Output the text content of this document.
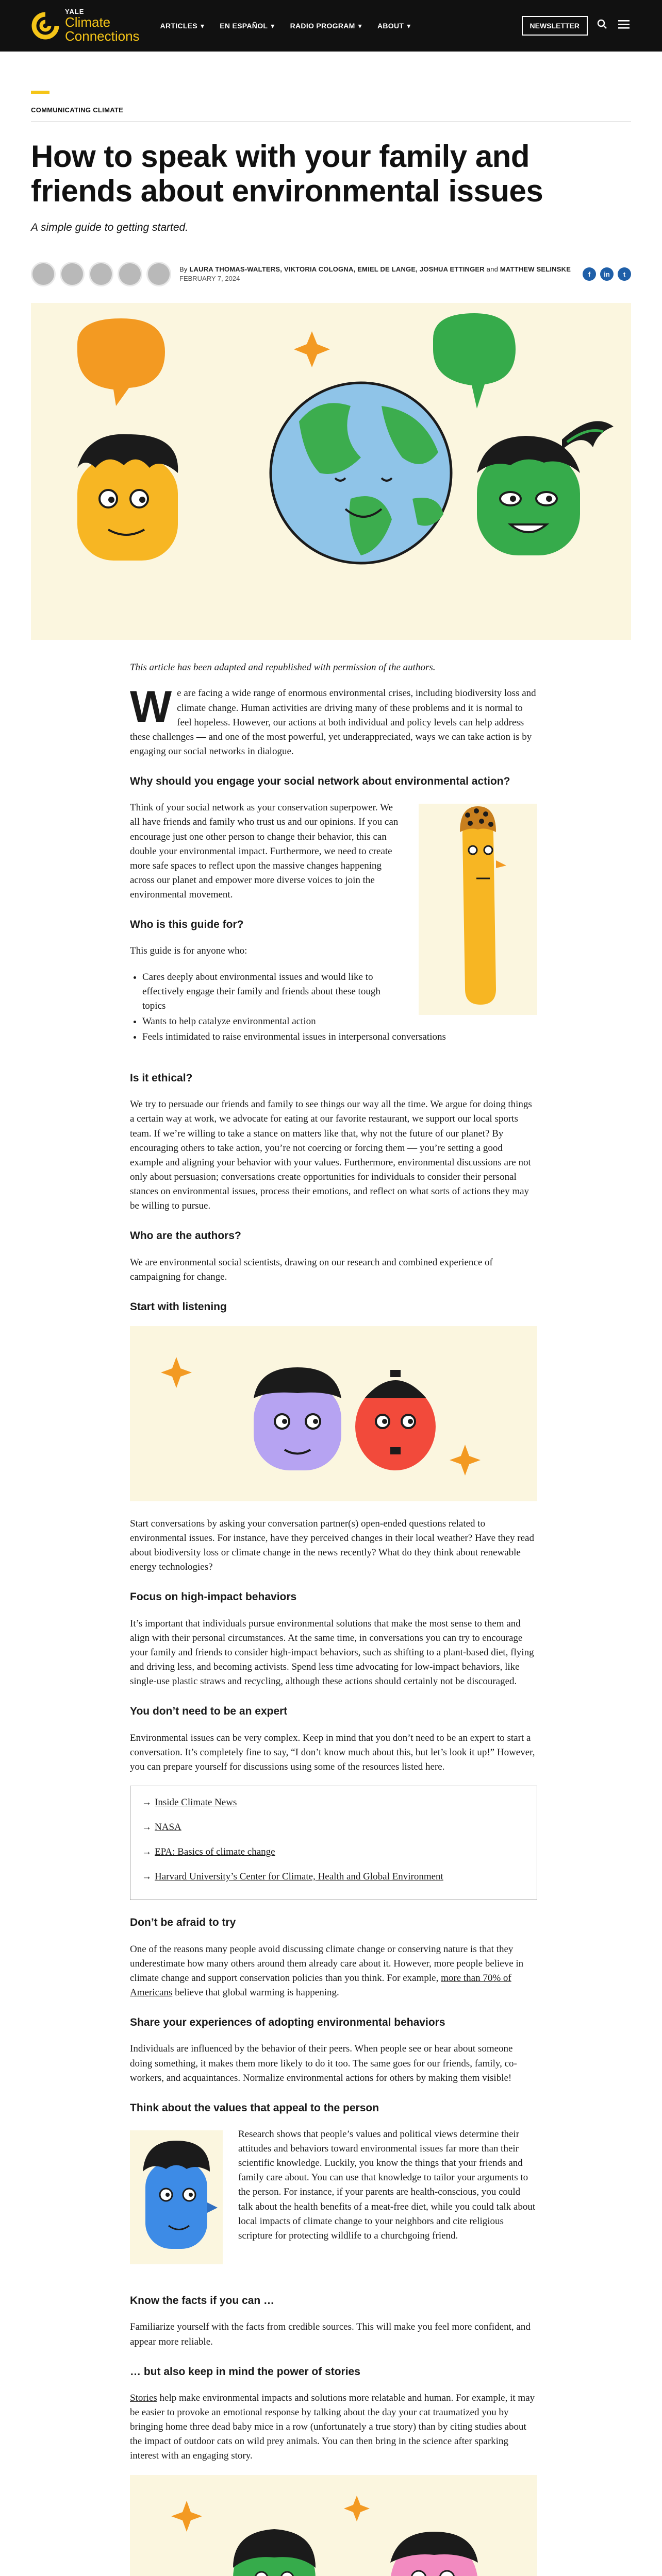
YALE
Climate
Connections
ARTICLES ▾ EN ESPAÑOL ▾ RADIO PROGRAM ▾ ABOUT ▾	NEWSLETTER
COMMUNICATING CLIMATE
How to speak with your family and friends about environmental issues
A simple guide to getting started.
By LAURA THOMAS-WALTERS, VIKTORIA COLOGNA, EMIEL DE LANGE, JOSHUA ETTINGER and MATTHEW SELINSKE
FEBRUARY 7, 2024
f	in	t

This article has been adapted and republished with permission of the authors.

We are facing a wide range of enormous environmental crises, including biodiversity loss and climate change. Human activities are driving many of these problems and it is normal to feel hopeless. However, our actions at both individual and policy levels can help address these challenges — and one of the most powerful, yet underappreciated, ways we can take action is by engaging our social networks in dialogue.

Why should you engage your social network about environmental action?

Think of your social network as your conservation superpower. We all have friends and family who trust us and our opinions. If you can encourage just one other person to change their behavior, this can double your environmental impact. Furthermore, we need to create more safe spaces to reflect upon the massive changes happening across our planet and empower more diverse voices to join the environmental movement.

Who is this guide for?

This guide is for anyone who:

• Cares deeply about environmental issues and would like to effectively engage their family and friends about these tough topics
• Wants to help catalyze environmental action
• Feels intimidated to raise environmental issues in interpersonal conversations
Is it ethical?

We try to persuade our friends and family to see things our way all the time. We argue for doing things a certain way at work, we advocate for eating at our favorite restaurant, we support our local sports team. If we’re willing to take a stance on matters like that, why not the future of our planet? By encouraging others to take action, you’re not coercing or forcing them — you’re setting a good example and aligning your behavior with your values. Furthermore, environmental discussions are not only about persuasion; conversations create opportunities for individuals to consider their personal stances on environmental issues, process their emotions, and reflect on what sorts of actions they may be willing to pursue.

Who are the authors?

We are environmental social scientists, drawing on our research and combined experience of campaigning for change.

Start with listening

Start conversations by asking your conversation partner(s) open-ended questions related to environmental issues. For instance, have they perceived changes in their local weather? Have they read about biodiversity loss or climate change in the news recently? What do they think about renewable energy technologies?

Focus on high-impact behaviors

It’s important that individuals pursue environmental solutions that make the most sense to them and align with their personal circumstances. At the same time, in conversations you can try to encourage your family and friends to consider high-impact behaviors, such as shifting to a plant-based diet, flying and driving less, and becoming activists. Spend less time advocating for low-impact behaviors, like single-use plastic straws and recycling, although these actions should certainly not be discouraged.

You don’t need to be an expert

Environmental issues can be very complex. Keep in mind that you don’t need to be an expert to start a conversation. It’s completely fine to say, “I don’t know much about this, but let’s look it up!” However, you can prepare yourself for discussions using some of the resources listed here.

→ Inside Climate News
→ NASA
→ EPA: Basics of climate change
→ Harvard University’s Center for Climate, Health and Global Environment
Don’t be afraid to try

One of the reasons many people avoid discussing climate change or conserving nature is that they underestimate how many others around them already care about it. However, more people believe in climate change and support conservation policies than you think. For example, more than 70% of Americans believe that global warming is happening.

Share your experiences of adopting environmental behaviors

Individuals are influenced by the behavior of their peers. When people see or hear about someone doing something, it makes them more likely to do it too. The same goes for our friends, family, co-workers, and acquaintances. Normalize environmental actions for others by making them visible!

Think about the values that appeal to the person

Research shows that people’s values and political views determine their attitudes and behaviors toward environmental issues far more than their scientific knowledge. Luckily, you know the things that your friends and family care about. You can use that knowledge to tailor your arguments to the person. For instance, if your parents are health-conscious, you could talk about the health benefits of a meat-free diet, while you could talk about local impacts of climate change to your neighbors and cite religious scripture for protecting wildlife to a churchgoing friend.

Know the facts if you can …

Familiarize yourself with the facts from credible sources. This will make you feel more confident, and appear more reliable.

… but also keep in mind the power of stories

Stories help make environmental impacts and solutions more relatable and human. For example, it may be easier to provoke an emotional response by talking about the day your cat traumatized you by bringing home three dead baby mice in a row (unfortunately a true story) than by citing studies about the impact of outdoor cats on wild prey animals. You can then bring in the science after sparking interest with an engaging story.
